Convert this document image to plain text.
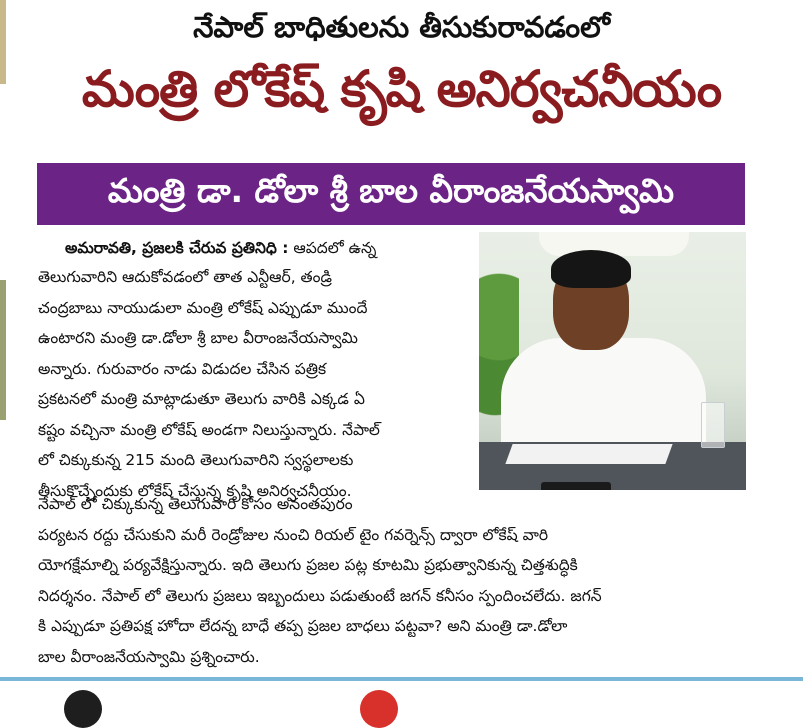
నేపాల్ బాధితులను తీసుకురావడంలో
మంత్రి లోకేష్ కృషి అనిర్వచనీయం
మంత్రి డా. డోలా శ్రీ బాల వీరాంజనేయస్వామి
అమరావతి, ప్రజలకి చేరువ ప్రతినిధి : ఆపదలో ఉన్న
తెలుగువారిని ఆదుకోవడంలో తాత ఎన్టీఆర్, తండ్రి
చంద్రబాబు నాయుడులా మంత్రి లోకేష్ ఎప్పుడూ ముందే
ఉంటారని మంత్రి డా.డోలా శ్రీ బాల వీరాంజనేయస్వామి
అన్నారు. గురువారం నాడు విడుదల చేసిన పత్రిక
ప్రకటనలో మంత్రి మాట్లాడుతూ తెలుగు వారికి ఎక్కడ ఏ
కష్టం వచ్చినా మంత్రి లోకేష్ అండగా నిలుస్తున్నారు. నేపాల్
లో చిక్కుకున్న 215 మంది తెలుగువారిని స్వస్థలాలకు
తీసుకొచ్చేందుకు లోకేష్ చేస్తున్న కృషి అనిర్వచనీయం.
నేపాల్ లో చిక్కుకున్న తెలుగువారి కోసం అనంతపురం
పర్యటన రద్దు చేసుకుని మరీ రెండ్రోజుల నుంచి రియల్ టైం గవర్నెన్స్ ద్వారా లోకేష్ వారి
యోగక్షేమాల్ని పర్యవేక్షిస్తున్నారు. ఇది తెలుగు ప్రజల పట్ల కూటమి ప్రభుత్వానికున్న చిత్తశుద్ధికి
నిదర్శనం. నేపాల్ లో తెలుగు ప్రజలు ఇబ్బందులు పడుతుంటే జగన్ కనీసం స్పందించలేదు. జగన్
కి ఎప్పుడూ ప్రతిపక్ష హోదా లేదన్న బాధే తప్ప ప్రజల బాధలు పట్టవా? అని మంత్రి డా.డోలా
బాల వీరాంజనేయస్వామి ప్రశ్నించారు.
